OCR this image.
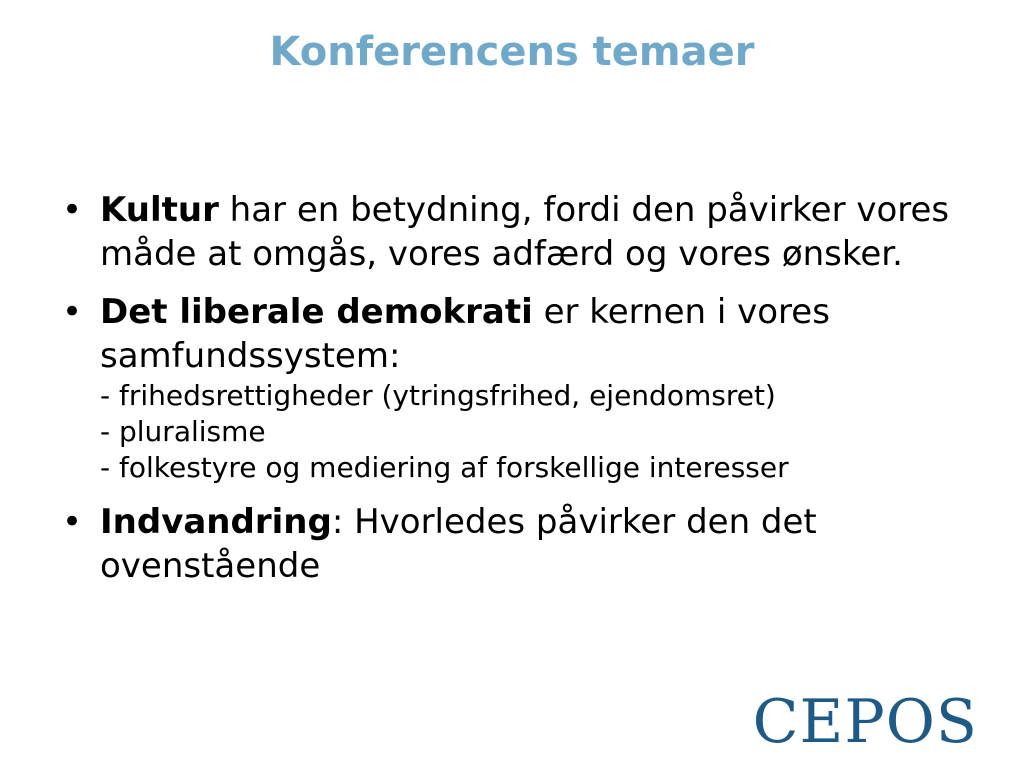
Konferencens temaer
• Kultur har en betydning, fordi den påvirker vores måde at omgås, vores adfærd og vores ønsker.
• Det liberale demokrati er kernen i vores samfundssystem:
- frihedsrettigheder (ytringsfrihed, ejendomsret)
- pluralisme
- folkestyre og mediering af forskellige interesser
• Indvandring: Hvorledes påvirker den det ovenstående
CEPOS
